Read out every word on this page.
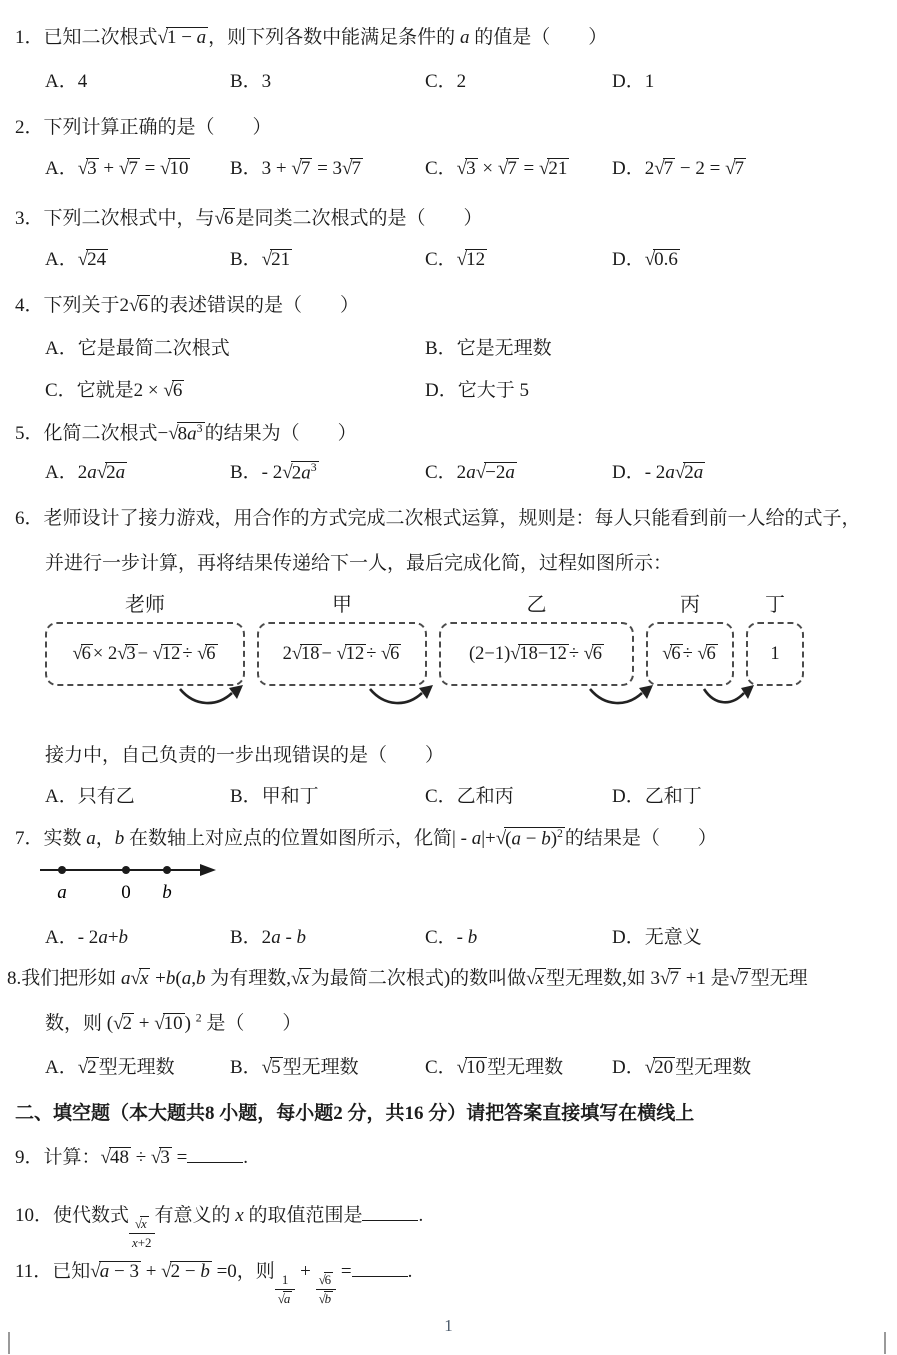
1．已知二次根式√1 − a ，则下列各数中能满足条件的 a 的值是（　　）
A．4	B．3	C．2	D．1
2．下列计算正确的是（　　）
A．√3 + √7 = √10	B．3 + √7 = 3√7	C．√3 × √7 = √21	D．2√7 − 2 = √7
3．下列二次根式中，与√6 是同类二次根式的是（　　）
A．√24	B．√21	C．√12	D．√0.6
4．下列关于2√6 的表述错误的是（　　）
A．它是最简二次根式	B．它是无理数
C．它就是2 × √6	D．它大于 5
5．化简二次根式$-√8a^3$ 的结果为（　　）
A．2a√2a	B．- $2√2a^3$	C．2a√−2a	D．- 2a√2a
6．老师设计了接力游戏，用合作的方式完成二次根式运算，规则是：每人只能看到前一人给的式子，
并进行一步计算，再将结果传递给下一人，最后完成化简，过程如图所示：
老师	甲	乙	丙	丁
√ 6 × 2√ 3 − √ 12 ÷ √ 6	2√ 18 − √ 12 ÷ √ 6	(2−1)√ 18−12 ÷ √ 6	√ 6 ÷ √ 6	1
接力中，自己负责的一步出现错误的是（　　）
A．只有乙	B．甲和丁	C．乙和丙	D．乙和丁
7．实数 a，b 在数轴上对应点的位置如图所示，化简| - $a|+√(a - b)^2$ 的结果是（　　）
a	0 b
A．- 2a+b	B．2a - b	C．- b	D．无意义
8.我们把形如 a√x +b(a,b 为有理数,√x 为最简二次根式)的数叫做√x 型无理数,如 3√7 +1 是√7 型无理
数，则 (√2 + √10 ) $^2$ 是（　　）
A．√2 型无理数	B．√5 型无理数	C．√10 型无理数	D．√20 型无理数
二、填空题（本大题共8 小题，每小题2 分，共16 分）请把答案直接填写在横线上
9．计算：√48 ÷ √3 =	.
10．使代数式 $\frac{√x}{x+2}$ 有意义的 x 的取值范围是	.
11．已知√a − 3 + √2 − b =0，则 $\frac{1}{√a} + \frac{√6}{√b}$ =	.
1
